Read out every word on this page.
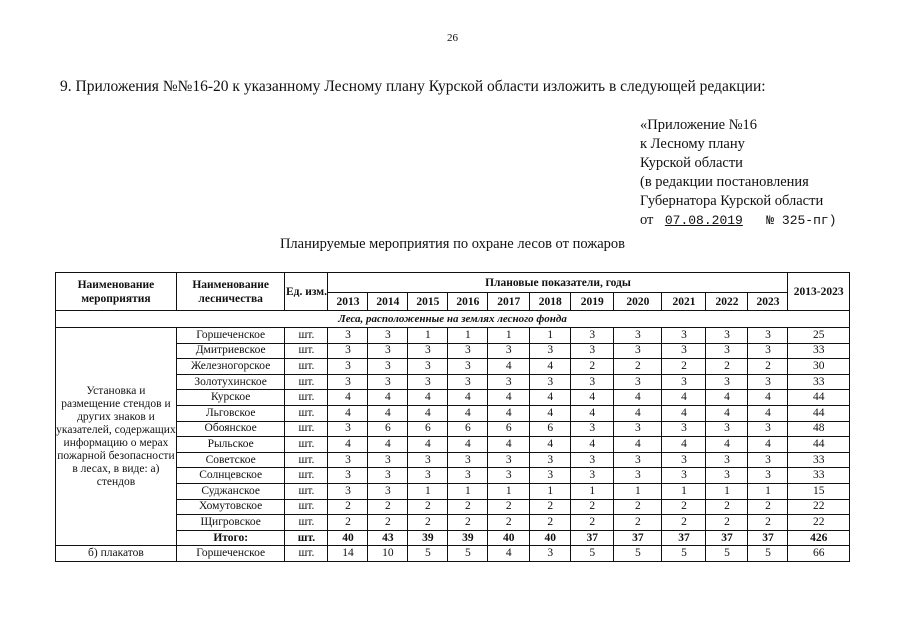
26
9. Приложения №№16-20 к указанному Лесному плану Курской области изложить в следующей редакции:
«Приложение №16
к Лесному плану
Курской области
(в редакции постановления
Губернатора Курской области
от 07.08.2019 № 325-пг)
Планируемые мероприятия по охране лесов от пожаров
Наименование мероприятия	Наименование лесничества	Ед. изм.	Плановые показатели, годы											2013-2023
			2013	2014	2015	2016	2017	2018	2019	2020	2021	2022	2023	
Леса, расположенные на землях лесного фонда														
Установка и размещение стендов и других знаков и указателей, содержащих информацию о мерах пожарной безопасности в лесах, в виде: а) стендов	Горшеченское	шт.	3	3	1	1	1	1	3	3	3	3	3	25
	Дмитриевское	шт.	3	3	3	3	3	3	3	3	3	3	3	33
	Железногорское	шт.	3	3	3	3	4	4	2	2	2	2	2	30
	Золотухинское	шт.	3	3	3	3	3	3	3	3	3	3	3	33
	Курское	шт.	4	4	4	4	4	4	4	4	4	4	4	44
	Льговское	шт.	4	4	4	4	4	4	4	4	4	4	4	44
	Обоянское	шт.	3	6	6	6	6	6	3	3	3	3	3	48
	Рыльское	шт.	4	4	4	4	4	4	4	4	4	4	4	44
	Советское	шт.	3	3	3	3	3	3	3	3	3	3	3	33
	Солнцевское	шт.	3	3	3	3	3	3	3	3	3	3	3	33
	Суджанское	шт.	3	3	1	1	1	1	1	1	1	1	1	15
	Хомутовское	шт.	2	2	2	2	2	2	2	2	2	2	2	22
	Щигровское	шт.	2	2	2	2	2	2	2	2	2	2	2	22
	Итого:	шт.	40	43	39	39	40	40	37	37	37	37	37	426
б) плакатов	Горшеченское	шт.	14	10	5	5	4	3	5	5	5	5	5	66
